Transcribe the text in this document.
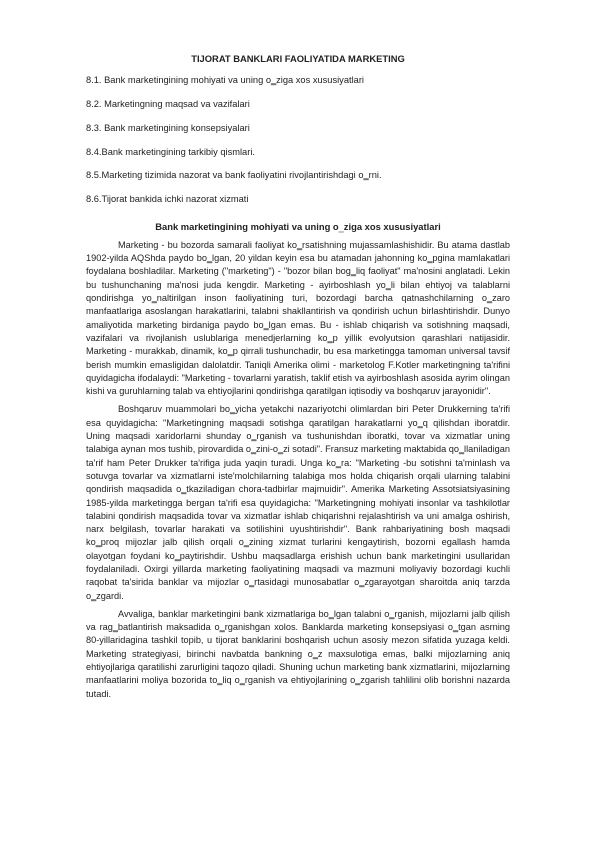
TIJORAT BANKLARI FAOLIYATIDA MARKETING
8.1. Bank marketingining mohiyati va uning o‗ziga xos xususiyatlari
8.2. Marketingning maqsad va vazifalari
8.3. Bank marketingining konsepsiyalari
8.4.Bank marketingining tarkibiy qismlari.
8.5.Marketing tizimida nazorat va bank faoliyatini rivojlantirishdagi o‗rni.
8.6.Tijorat bankida ichki nazorat xizmati
Bank marketingining mohiyati va uning o‗ziga xos xususiyatlari

Marketing - bu bozorda samarali faoliyat ko‗rsatishning mujassamlashishidir. Bu atama dastlab 1902-yilda AQShda paydo bo‗lgan, 20 yildan keyin esa bu atamadan jahonning ko‗pgina mamlakatlari foydalana boshladilar. Marketing ("marketing") - "bozor bilan bog‗liq faoliyat" ma'nosini anglatadi. Lekin bu tushunchaning ma'nosi juda kengdir. Marketing - ayirboshlash yo‗li bilan ehtiyoj va talablarni qondirishga yo‗naltirilgan inson faoliyatining turi, bozordagi barcha qatnashchilarning o‗zaro manfaatlariga asoslangan harakatlarini, talabni shakllantirish va qondirish uchun birlashtirishdir. Dunyo amaliyotida marketing birdaniga paydo bo‗lgan emas. Bu - ishlab chiqarish va sotishning maqsadi, vazifalari va rivojlanish uslublariga menedjerlarning ko‗p yillik evolyutsion qarashlari natijasidir. Marketing - murakkab, dinamik, ko‗p qirrali tushunchadir, bu esa marketingga tamoman universal tavsif berish mumkin emasligidan dalolatdir. Taniqli Amerika olimi - marketolog F.Kotler marketingning ta'rifini quyidagicha ifodalaydi: "Marketing - tovarlarni yaratish, taklif etish va ayirboshlash asosida ayrim olingan kishi va guruhlarning talab va ehtiyojlarini qondirishga qaratilgan iqtisodiy va boshqaruv jarayonidir".

Boshqaruv muammolari bo‗yicha yetakchi nazariyotchi olimlardan biri Peter Drukkerning ta'rifi esa quyidagicha: "Marketingning maqsadi sotishga qaratilgan harakatlarni yo‗q qilishdan iboratdir. Uning maqsadi xaridorlarni shunday o‗rganish va tushunishdan iboratki, tovar va xizmatlar uning talabiga aynan mos tushib, pirovardida o‗zini-o‗zi sotadi". Fransuz marketing maktabida qo‗llaniladigan ta'rif ham Peter Drukker ta'rifiga juda yaqin turadi. Unga ko‗ra: "Marketing -bu sotishni ta'minlash va sotuvga tovarlar va xizmatlarni iste'molchilarning talabiga mos holda chiqarish orqali ularning talabini qondirish maqsadida o‗tkaziladigan chora-tadbirlar majmuidir". Amerika Marketing Assotsiatsiyasining 1985-yilda marketingga bergan ta'rifi esa quyidagicha: "Marketingning mohiyati insonlar va tashkilotlar talabini qondirish maqsadida tovar va xizmatlar ishlab chiqarishni rejalashtirish va uni amalga oshirish, narx belgilash, tovarlar harakati va sotilishini uyushtirishdir". Bank rahbariyatining bosh maqsadi ko‗proq mijozlar jalb qilish orqali o‗zining xizmat turlarini kengaytirish, bozorni egallash hamda olayotgan foydani ko‗paytirishdir. Ushbu maqsadlarga erishish uchun bank marketingini usullaridan foydalaniladi. Oxirgi yillarda marketing faoliyatining maqsadi va mazmuni moliyaviy bozordagi kuchli raqobat ta'sirida banklar va mijozlar o‗rtasidagi munosabatlar o‗zgarayotgan sharoitda aniq tarzda o‗zgardi.

Avvaliga, banklar marketingini bank xizmatlariga bo‗lgan talabni o‗rganish, mijozlarni jalb qilish va rag‗batlantirish maksadida o‗rganishgan xolos. Banklarda marketing konsepsiyasi o‗tgan asrning 80-yillaridagina tashkil topib, u tijorat banklarini boshqarish uchun asosiy mezon sifatida yuzaga keldi. Marketing strategiyasi, birinchi navbatda bankning o‗z maxsulotiga emas, balki mijozlarning aniq ehtiyojlariga qaratilishi zarurligini taqozo qiladi. Shuning uchun marketing bank xizmatlarini, mijozlarning manfaatlarini moliya bozorida to‗liq o‗rganish va ehtiyojlarining o‗zgarish tahlilini olib borishni nazarda tutadi.
